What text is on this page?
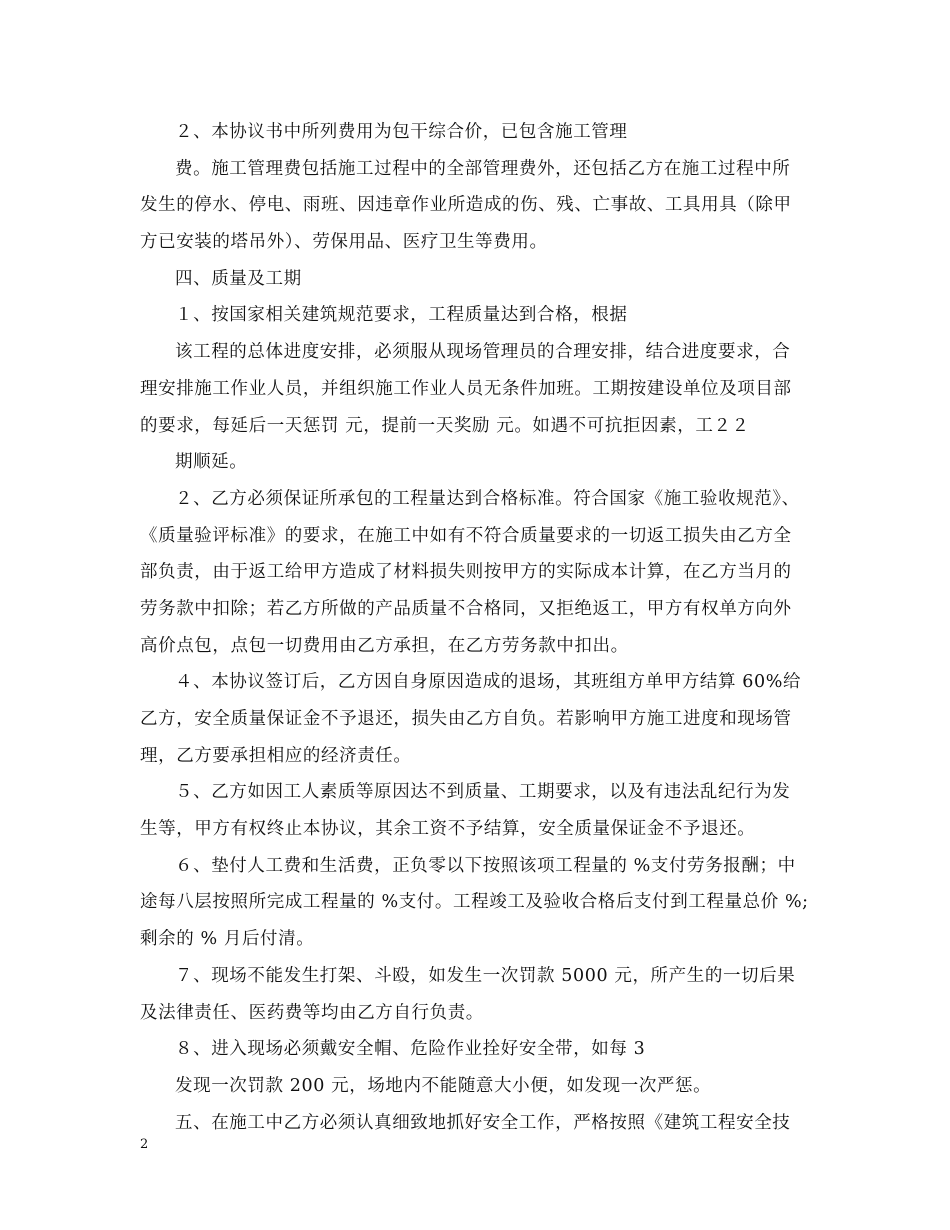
２、本协议书中所列费用为包干综合价，已包含施工管理
费。施工管理费包括施工过程中的全部管理费外，还包括乙方在施工过程中所
发生的停水、停电、雨班、因违章作业所造成的伤、残、亡事故、工具用具（除甲
方已安装的塔吊外）、劳保用品、医疗卫生等费用。
四、质量及工期
１、按国家相关建筑规范要求，工程质量达到合格，根据
该工程的总体进度安排，必须服从现场管理员的合理安排，结合进度要求，合
理安排施工作业人员，并组织施工作业人员无条件加班。工期按建设单位及项目部
的要求，每延后一天惩罚 元，提前一天奖励 元。如遇不可抗拒因素，工２２
期顺延。
２、乙方必须保证所承包的工程量达到合格标准。符合国家《施工验收规范》、
《质量验评标准》的要求，在施工中如有不符合质量要求的一切返工损失由乙方全
部负责，由于返工给甲方造成了材料损失则按甲方的实际成本计算，在乙方当月的
劳务款中扣除；若乙方所做的产品质量不合格同，又拒绝返工，甲方有权单方向外
高价点包，点包一切费用由乙方承担，在乙方劳务款中扣出。
４、本协议签订后，乙方因自身原因造成的退场，其班组方单甲方结算 60%给
乙方，安全质量保证金不予退还，损失由乙方自负。若影响甲方施工进度和现场管
理，乙方要承担相应的经济责任。
５、乙方如因工人素质等原因达不到质量、工期要求，以及有违法乱纪行为发
生等，甲方有权终止本协议，其余工资不予结算，安全质量保证金不予退还。
６、垫付人工费和生活费，正负零以下按照该项工程量的 %支付劳务报酬；中
途每八层按照所完成工程量的 %支付。工程竣工及验收合格后支付到工程量总价 %;
剩余的 % 月后付清。
７、现场不能发生打架、斗殴，如发生一次罚款 5000 元，所产生的一切后果
及法律责任、医药费等均由乙方自行负责。
８、进入现场必须戴安全帽、危险作业拴好安全带，如每 3
发现一次罚款 200 元，场地内不能随意大小便，如发现一次严惩。
五、在施工中乙方必须认真细致地抓好安全工作，严格按照《建筑工程安全技
2
